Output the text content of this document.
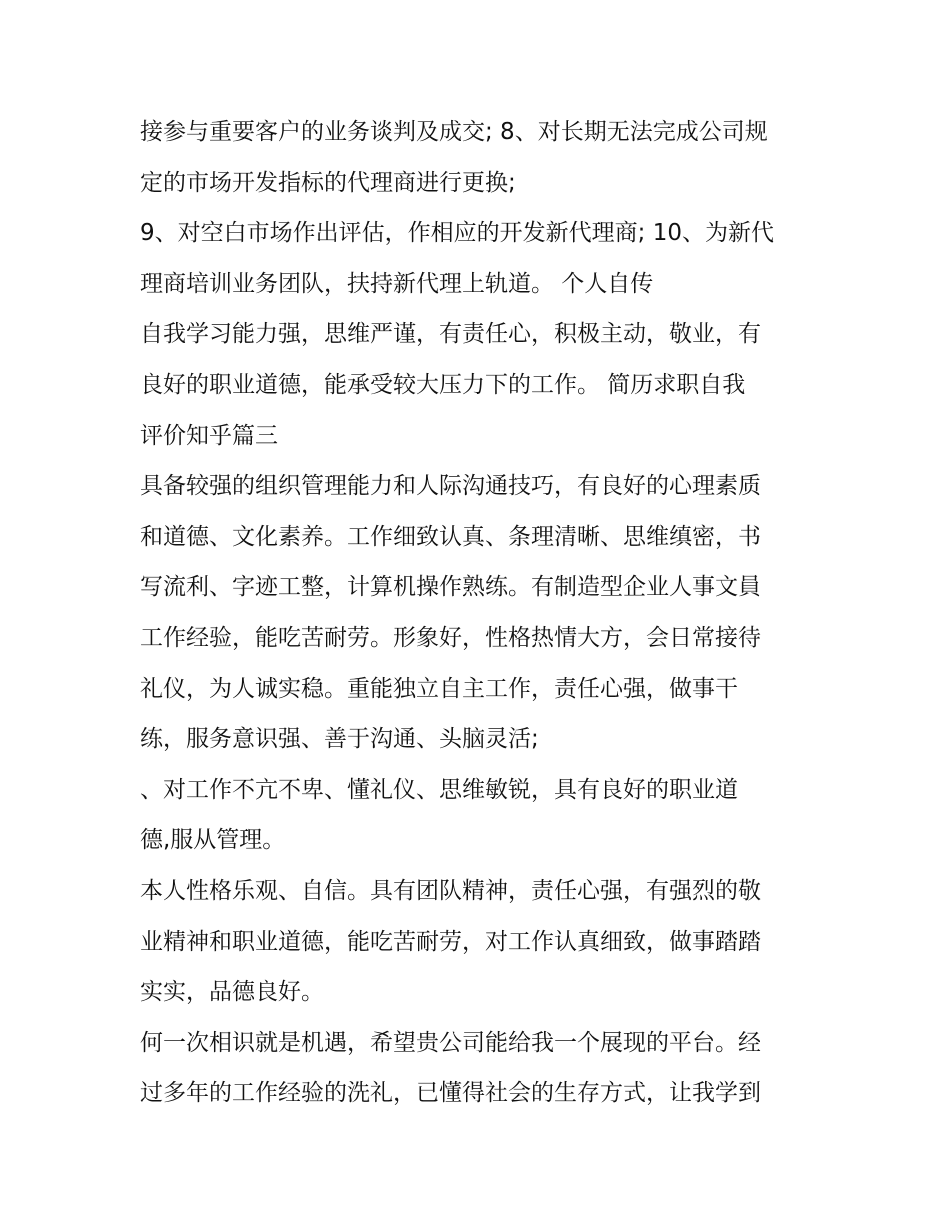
接参与重要客户的业务谈判及成交; 8、对长期无法完成公司规
定的市场开发指标的代理商进行更换;
9、对空白市场作出评估，作相应的开发新代理商; 10、为新代
理商培训业务团队，扶持新代理上轨道。 个人自传
自我学习能力强，思维严谨，有责任心，积极主动，敬业，有
良好的职业道德，能承受较大压力下的工作。 简历求职自我
评价知乎篇三
具备较强的组织管理能力和人际沟通技巧，有良好的心理素质
和道德、文化素养。工作细致认真、条理清晰、思维缜密，书
写流利、字迹工整，计算机操作熟练。有制造型企业人事文員
工作经验，能吃苦耐劳。形象好，性格热情大方，会日常接待
礼仪，为人诚实稳。重能独立自主工作，责任心强，做事干
练，服务意识强、善于沟通、头脑灵活;
、对工作不亢不卑、懂礼仪、思维敏锐，具有良好的职业道
德,服从管理。
本人性格乐观、自信。具有团队精神，责任心强，有强烈的敬
业精神和职业道德，能吃苦耐劳，对工作认真细致，做事踏踏
实实，品德良好。
何一次相识就是机遇，希望贵公司能给我一个展现的平台。经
过多年的工作经验的洗礼，已懂得社会的生存方式，让我学到
